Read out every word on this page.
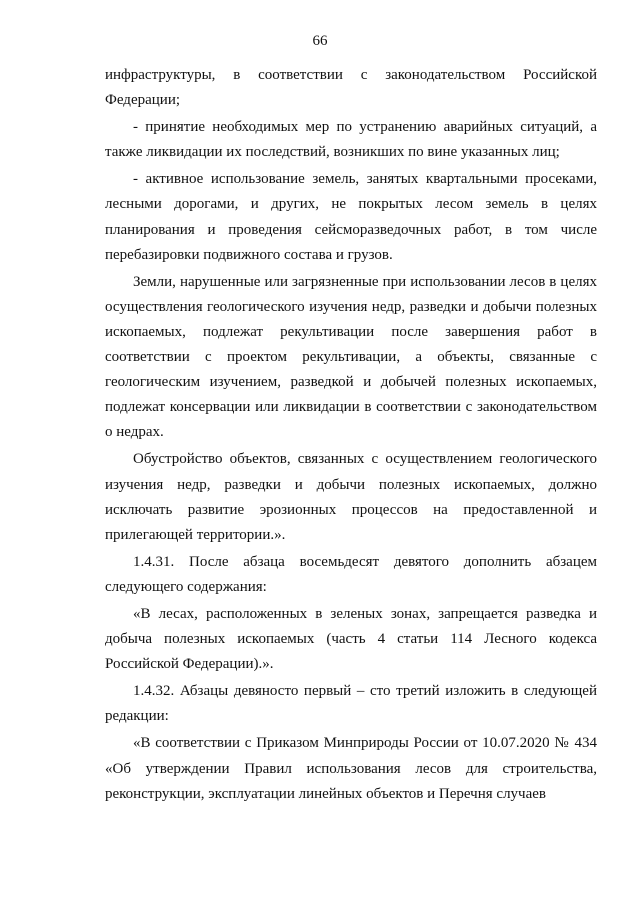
66

инфраструктуры, в соответствии с законодательством Российской Федерации;

- принятие необходимых мер по устранению аварийных ситуаций, а также ликвидации их последствий, возникших по вине указанных лиц;

- активное использование земель, занятых квартальными просеками, лесными дорогами, и других, не покрытых лесом земель в целях планирования и проведения сейсморазведочных работ, в том числе перебазировки подвижного состава и грузов.

Земли, нарушенные или загрязненные при использовании лесов в целях осуществления геологического изучения недр, разведки и добычи полезных ископаемых, подлежат рекультивации после завершения работ в соответствии с проектом рекультивации, а объекты, связанные с геологическим изучением, разведкой и добычей полезных ископаемых, подлежат консервации или ликвидации в соответствии с законодательством о недрах.

Обустройство объектов, связанных с осуществлением геологического изучения недр, разведки и добычи полезных ископаемых, должно исключать развитие эрозионных процессов на предоставленной и прилегающей территории.».

1.4.31. После абзаца восемьдесят девятого дополнить абзацем следующего содержания:

«В лесах, расположенных в зеленых зонах, запрещается разведка и добыча полезных ископаемых (часть 4 статьи 114 Лесного кодекса Российской Федерации).».

1.4.32. Абзацы девяносто первый – сто третий изложить в следующей редакции:

«В соответствии с Приказом Минприроды России от 10.07.2020 № 434 «Об утверждении Правил использования лесов для строительства, реконструкции, эксплуатации линейных объектов и Перечня случаев
